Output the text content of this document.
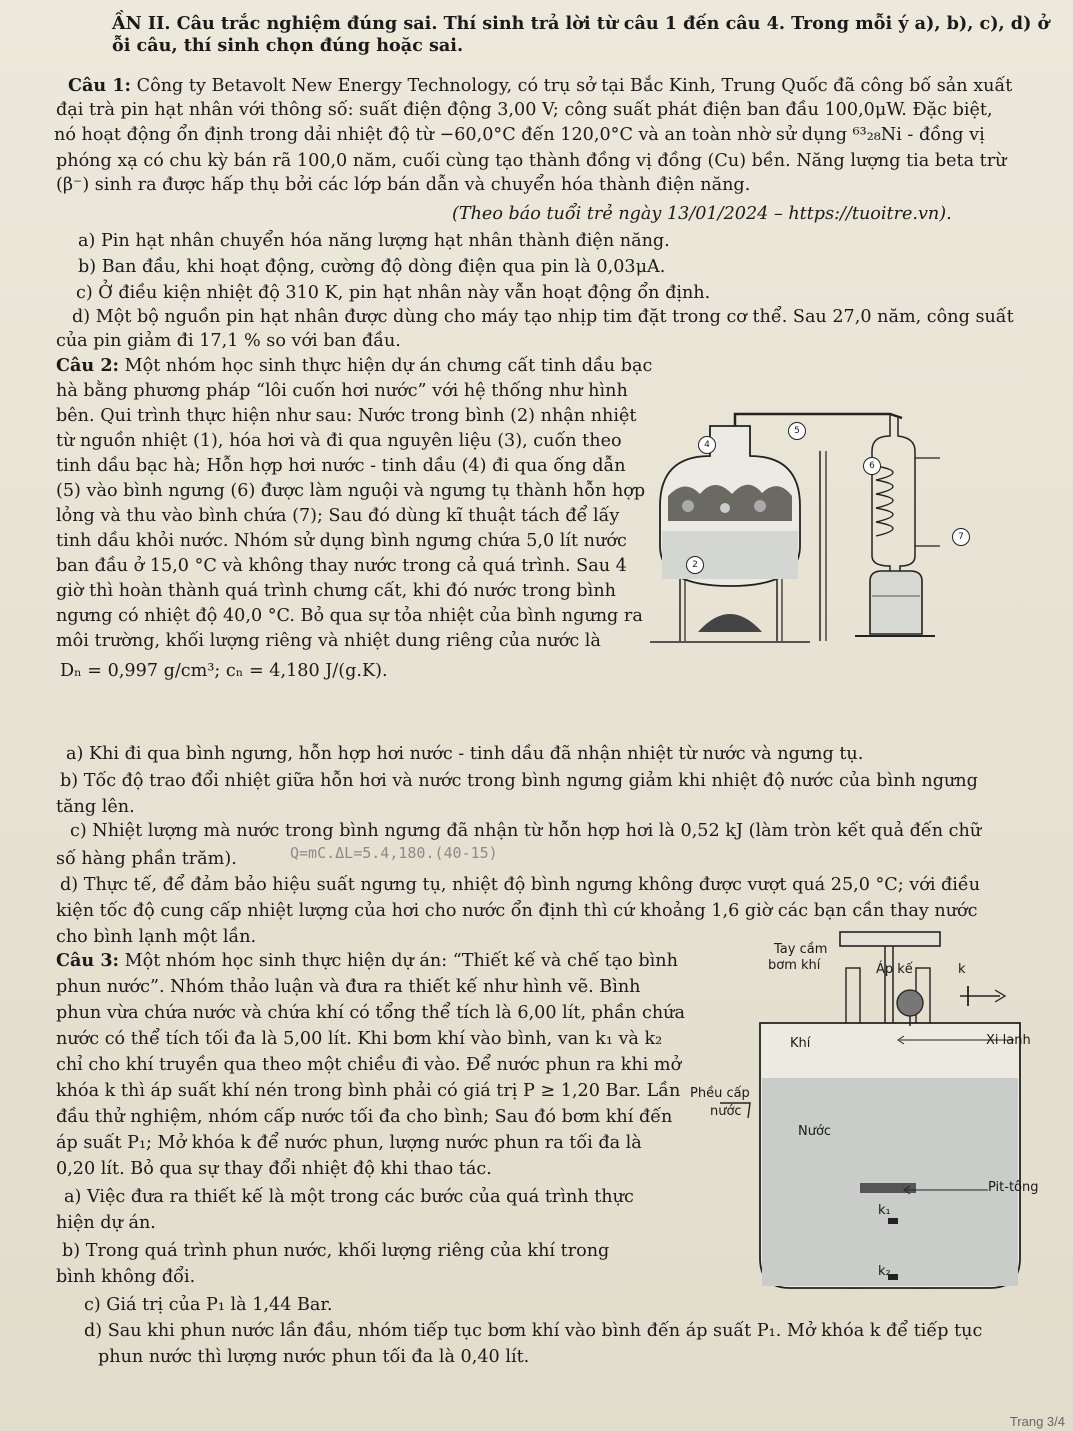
ẦN II. Câu trắc nghiệm đúng sai. Thí sinh trả lời từ câu 1 đến câu 4. Trong mỗi ý a), b), c), d) ở
ỗi câu, thí sinh chọn đúng hoặc sai.
Câu 1: Công ty Betavolt New Energy Technology, có trụ sở tại Bắc Kinh, Trung Quốc đã công bố sản xuất
đại trà pin hạt nhân với thông số: suất điện động 3,00 V; công suất phát điện ban đầu 100,0μW. Đặc biệt,
nó hoạt động ổn định trong dải nhiệt độ từ −60,0°C đến 120,0°C và an toàn nhờ sử dụng ⁶³₂₈Ni - đồng vị
phóng xạ có chu kỳ bán rã 100,0 năm, cuối cùng tạo thành đồng vị đồng (Cu) bền. Năng lượng tia beta trừ
(β⁻) sinh ra được hấp thụ bởi các lớp bán dẫn và chuyển hóa thành điện năng.
(Theo báo tuổi trẻ ngày 13/01/2024 – https://tuoitre.vn).
a) Pin hạt nhân chuyển hóa năng lượng hạt nhân thành điện năng.
b) Ban đầu, khi hoạt động, cường độ dòng điện qua pin là 0,03μA.
c) Ở điều kiện nhiệt độ 310 K, pin hạt nhân này vẫn hoạt động ổn định.
d) Một bộ nguồn pin hạt nhân được dùng cho máy tạo nhịp tim đặt trong cơ thể. Sau 27,0 năm, công suất
của pin giảm đi 17,1 % so với ban đầu.
Câu 2: Một nhóm học sinh thực hiện dự án chưng cất tinh dầu bạc
hà bằng phương pháp “lôi cuốn hơi nước” với hệ thống như hình
bên. Qui trình thực hiện như sau: Nước trong bình (2) nhận nhiệt
từ nguồn nhiệt (1), hóa hơi và đi qua nguyên liệu (3), cuốn theo
tinh dầu bạc hà; Hỗn hợp hơi nước - tinh dầu (4) đi qua ống dẫn
(5) vào bình ngưng (6) được làm nguội và ngưng tụ thành hỗn hợp
lỏng và thu vào bình chứa (7); Sau đó dùng kĩ thuật tách để lấy
tinh dầu khỏi nước. Nhóm sử dụng bình ngưng chứa 5,0 lít nước
ban đầu ở 15,0 °C và không thay nước trong cả quá trình. Sau 4
giờ thì hoàn thành quá trình chưng cất, khi đó nước trong bình
ngưng có nhiệt độ 40,0 °C. Bỏ qua sự tỏa nhiệt của bình ngưng ra
môi trường, khối lượng riêng và nhiệt dung riêng của nước là
Dₙ = 0,997 g/cm³; cₙ = 4,180 J/(g.K).
5
4
6
2
7
a) Khi đi qua bình ngưng, hỗn hợp hơi nước - tinh dầu đã nhận nhiệt từ nước và ngưng tụ.
b) Tốc độ trao đổi nhiệt giữa hỗn hơi và nước trong bình ngưng giảm khi nhiệt độ nước của bình ngưng
tăng lên.
c) Nhiệt lượng mà nước trong bình ngưng đã nhận từ hỗn hợp hơi là 0,52 kJ (làm tròn kết quả đến chữ
số hàng phần trăm).	Q=mC.ΔL=5.4,180.(40-15)
d) Thực tế, để đảm bảo hiệu suất ngưng tụ, nhiệt độ bình ngưng không được vượt quá 25,0 °C; với điều
kiện tốc độ cung cấp nhiệt lượng của hơi cho nước ổn định thì cứ khoảng 1,6 giờ các bạn cần thay nước
cho bình lạnh một lần.
Câu 3: Một nhóm học sinh thực hiện dự án: “Thiết kế và chế tạo bình
phun nước”. Nhóm thảo luận và đưa ra thiết kế như hình vẽ. Bình
phun vừa chứa nước và chứa khí có tổng thể tích là 6,00 lít, phần chứa
nước có thể tích tối đa là 5,00 lít. Khi bơm khí vào bình, van k₁ và k₂
chỉ cho khí truyền qua theo một chiều đi vào. Để nước phun ra khi mở
khóa k thì áp suất khí nén trong bình phải có giá trị P ≥ 1,20 Bar. Lần
đầu thử nghiệm, nhóm cấp nước tối đa cho bình; Sau đó bơm khí đến
áp suất P₁; Mở khóa k để nước phun, lượng nước phun ra tối đa là
0,20 lít. Bỏ qua sự thay đổi nhiệt độ khi thao tác.
a) Việc đưa ra thiết kế là một trong các bước của quá trình thực
hiện dự án.
b) Trong quá trình phun nước, khối lượng riêng của khí trong
bình không đổi.
c) Giá trị của P₁ là 1,44 Bar.
d) Sau khi phun nước lần đầu, nhóm tiếp tục bơm khí vào bình đến áp suất P₁. Mở khóa k để tiếp tục
phun nước thì lượng nước phun tối đa là 0,40 lít.
Tay cầm
bơm khí	Áp kế	k
Khí	Xi lanh
Phều cấp
nước
Nước
Pit-tông
k₁
k₂
Trang 3/4
